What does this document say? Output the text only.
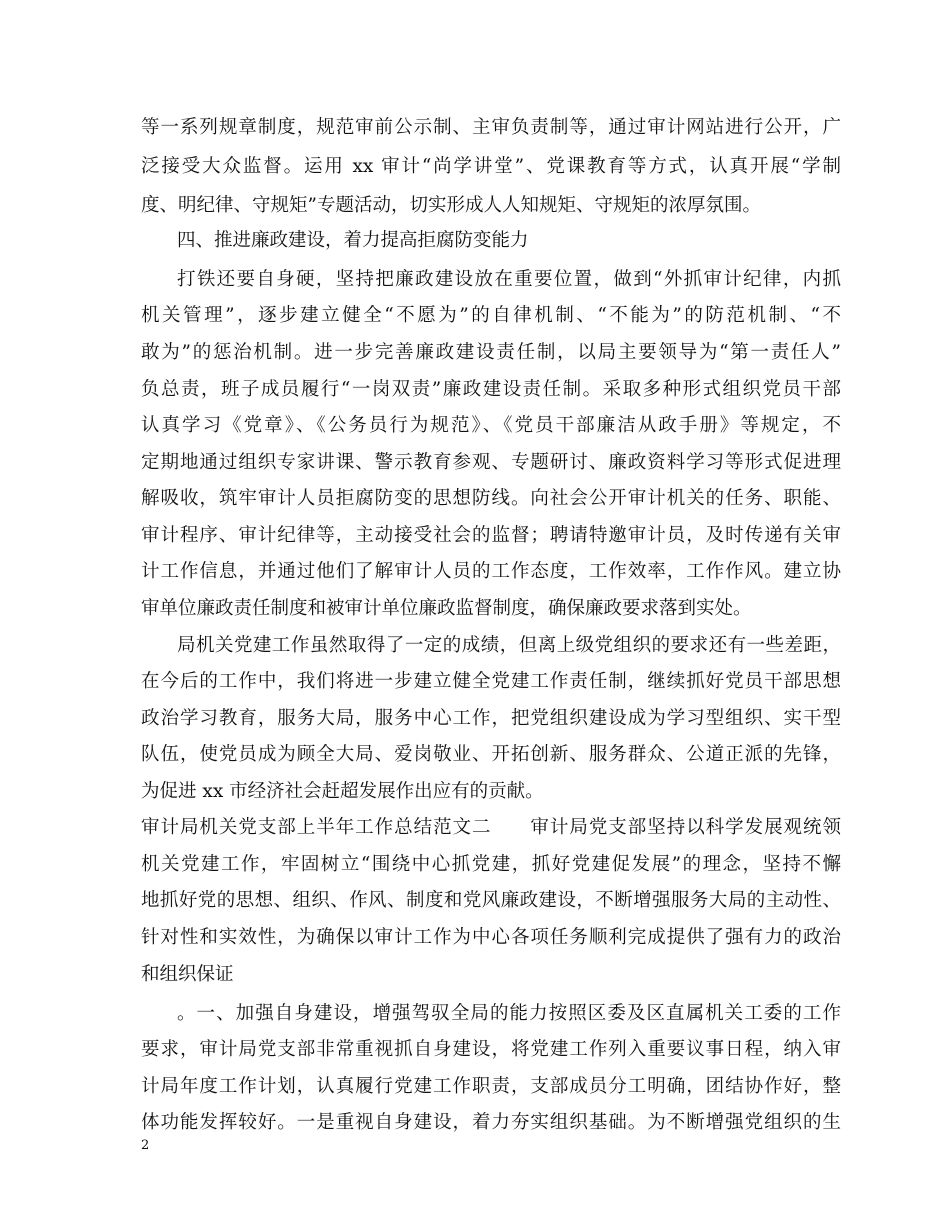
等一系列规章制度，规范审前公示制、主审负责制等，通过审计网站进行公开，广
泛接受大众监督。运用 xx 审计“尚学讲堂”、党课教育等方式，认真开展“学制
度、明纪律、守规矩”专题活动，切实形成人人知规矩、守规矩的浓厚氛围。
四、推进廉政建设，着力提高拒腐防变能力
打铁还要自身硬，坚持把廉政建设放在重要位置，做到“外抓审计纪律，内抓
机关管理”，逐步建立健全“不愿为”的自律机制、“不能为”的防范机制、“不
敢为”的惩治机制。进一步完善廉政建设责任制，以局主要领导为“第一责任人”
负总责，班子成员履行“一岗双责”廉政建设责任制。采取多种形式组织党员干部
认真学习《党章》、《公务员行为规范》、《党员干部廉洁从政手册》等规定，不
定期地通过组织专家讲课、警示教育参观、专题研讨、廉政资料学习等形式促进理
解吸收，筑牢审计人员拒腐防变的思想防线。向社会公开审计机关的任务、职能、
审计程序、审计纪律等，主动接受社会的监督；聘请特邀审计员，及时传递有关审
计工作信息，并通过他们了解审计人员的工作态度，工作效率，工作作风。建立协
审单位廉政责任制度和被审计单位廉政监督制度，确保廉政要求落到实处。
局机关党建工作虽然取得了一定的成绩，但离上级党组织的要求还有一些差距，
在今后的工作中，我们将进一步建立健全党建工作责任制，继续抓好党员干部思想
政治学习教育，服务大局，服务中心工作，把党组织建设成为学习型组织、实干型
队伍，使党员成为顾全大局、爱岗敬业、开拓创新、服务群众、公道正派的先锋，
为促进 xx 市经济社会赶超发展作出应有的贡献。
审计局机关党支部上半年工作总结范文二　　审计局党支部坚持以科学发展观统领
机关党建工作，牢固树立“围绕中心抓党建，抓好党建促发展”的理念，坚持不懈
地抓好党的思想、组织、作风、制度和党风廉政建设，不断增强服务大局的主动性、
针对性和实效性，为确保以审计工作为中心各项任务顺利完成提供了强有力的政治
和组织保证
。一、加强自身建设，增强驾驭全局的能力按照区委及区直属机关工委的工作
要求，审计局党支部非常重视抓自身建设，将党建工作列入重要议事日程，纳入审
计局年度工作计划，认真履行党建工作职责，支部成员分工明确，团结协作好，整
体功能发挥较好。一是重视自身建设，着力夯实组织基础。为不断增强党组织的生
2
